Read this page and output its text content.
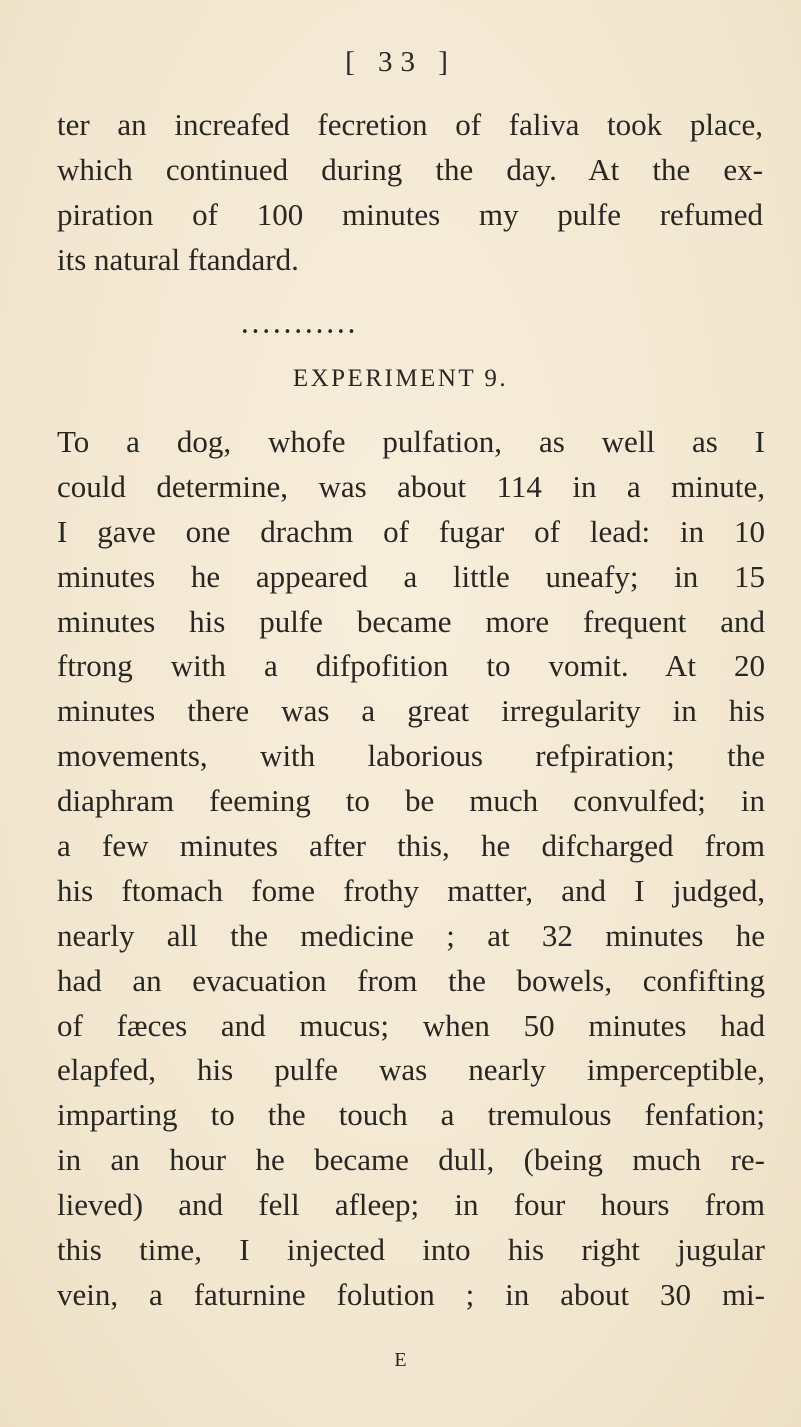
[ 33 ]
ter an increafed fecretion of faliva took place,
which continued during the day. At the ex-
piration of 100 minutes my pulfe refumed
its natural ftandard.
•••••••••••
EXPERIMENT 9.
To a dog, whofe pulfation, as well as I
could determine, was about 114 in a minute,
I gave one drachm of fugar of lead: in 10
minutes he appeared a little uneafy; in 15
minutes his pulfe became more frequent and
ftrong with a difpofition to vomit. At 20
minutes there was a great irregularity in his
movements, with laborious refpiration; the
diaphram feeming to be much convulfed; in
a few minutes after this, he difcharged from
his ftomach fome frothy matter, and I judged,
nearly all the medicine ; at 32 minutes he
had an evacuation from the bowels, confifting
of fæces and mucus; when 50 minutes had
elapfed, his pulfe was nearly imperceptible,
imparting to the touch a tremulous fenfation;
in an hour he became dull, (being much re-
lieved) and fell afleep; in four hours from
this time, I injected into his right jugular
vein, a faturnine folution ; in about 30 mi-
E
